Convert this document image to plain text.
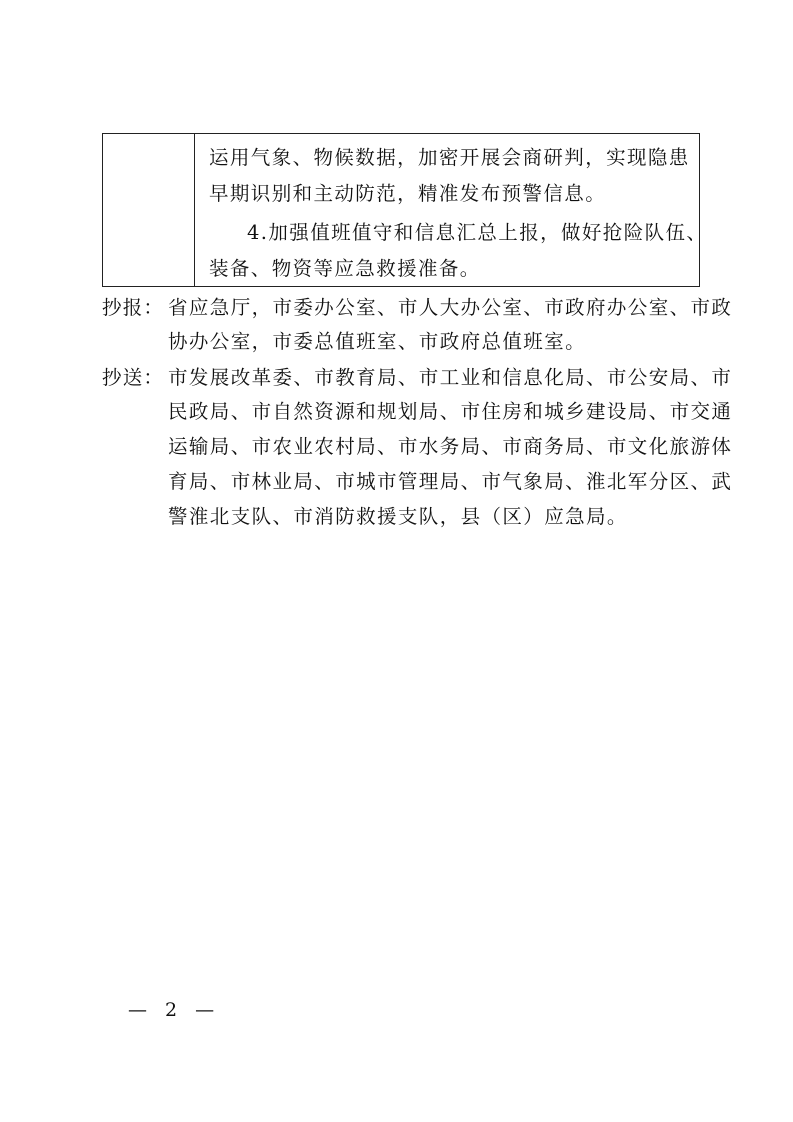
运用气象、物候数据，加密开展会商研判，实现隐患
早期识别和主动防范，精准发布预警信息。
4.加强值班值守和信息汇总上报，做好抢险队伍、
装备、物资等应急救援准备。
抄报： 省应急厅，市委办公室、市人大办公室、市政府办公室、市政
协办公室，市委总值班室、市政府总值班室。
抄送： 市发展改革委、市教育局、市工业和信息化局、市公安局、市
民政局、市自然资源和规划局、市住房和城乡建设局、市交通
运输局、市农业农村局、市水务局、市商务局、市文化旅游体
育局、市林业局、市城市管理局、市气象局、淮北军分区、武
警淮北支队、市消防救援支队，县（区）应急局。
— 2 —
